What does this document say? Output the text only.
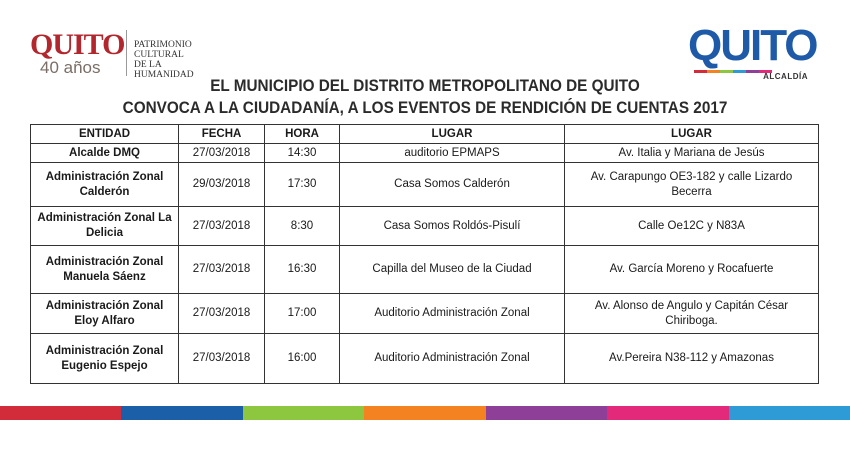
QUITO
40 años
PATRIMONIO
CULTURAL
DE LA HUMANIDAD
QUITO
ALCALDÍA
EL MUNICIPIO DEL DISTRITO METROPOLITANO DE QUITO
CONVOCA A LA CIUDADANÍA, A LOS EVENTOS DE RENDICIÓN DE CUENTAS 2017
ENTIDAD	FECHA	HORA	LUGAR	LUGAR
Alcalde DMQ	27/03/2018	14:30	auditorio EPMAPS	Av. Italia y Mariana de Jesús
Administración Zonal Calderón	29/03/2018	17:30	Casa Somos Calderón	Av. Carapungo OE3-182 y calle Lizardo Becerra
Administración Zonal La Delicia	27/03/2018	8:30	Casa Somos Roldós-Pisulí	Calle Oe12C y N83A
Administración Zonal Manuela Sáenz	27/03/2018	16:30	Capilla del Museo de la Ciudad	Av. García Moreno y Rocafuerte
Administración Zonal Eloy Alfaro	27/03/2018	17:00	Auditorio Administración Zonal	Av. Alonso de Angulo y Capitán César Chiriboga.
Administración Zonal Eugenio Espejo	27/03/2018	16:00	Auditorio Administración Zonal	Av.Pereira N38-112 y Amazonas
